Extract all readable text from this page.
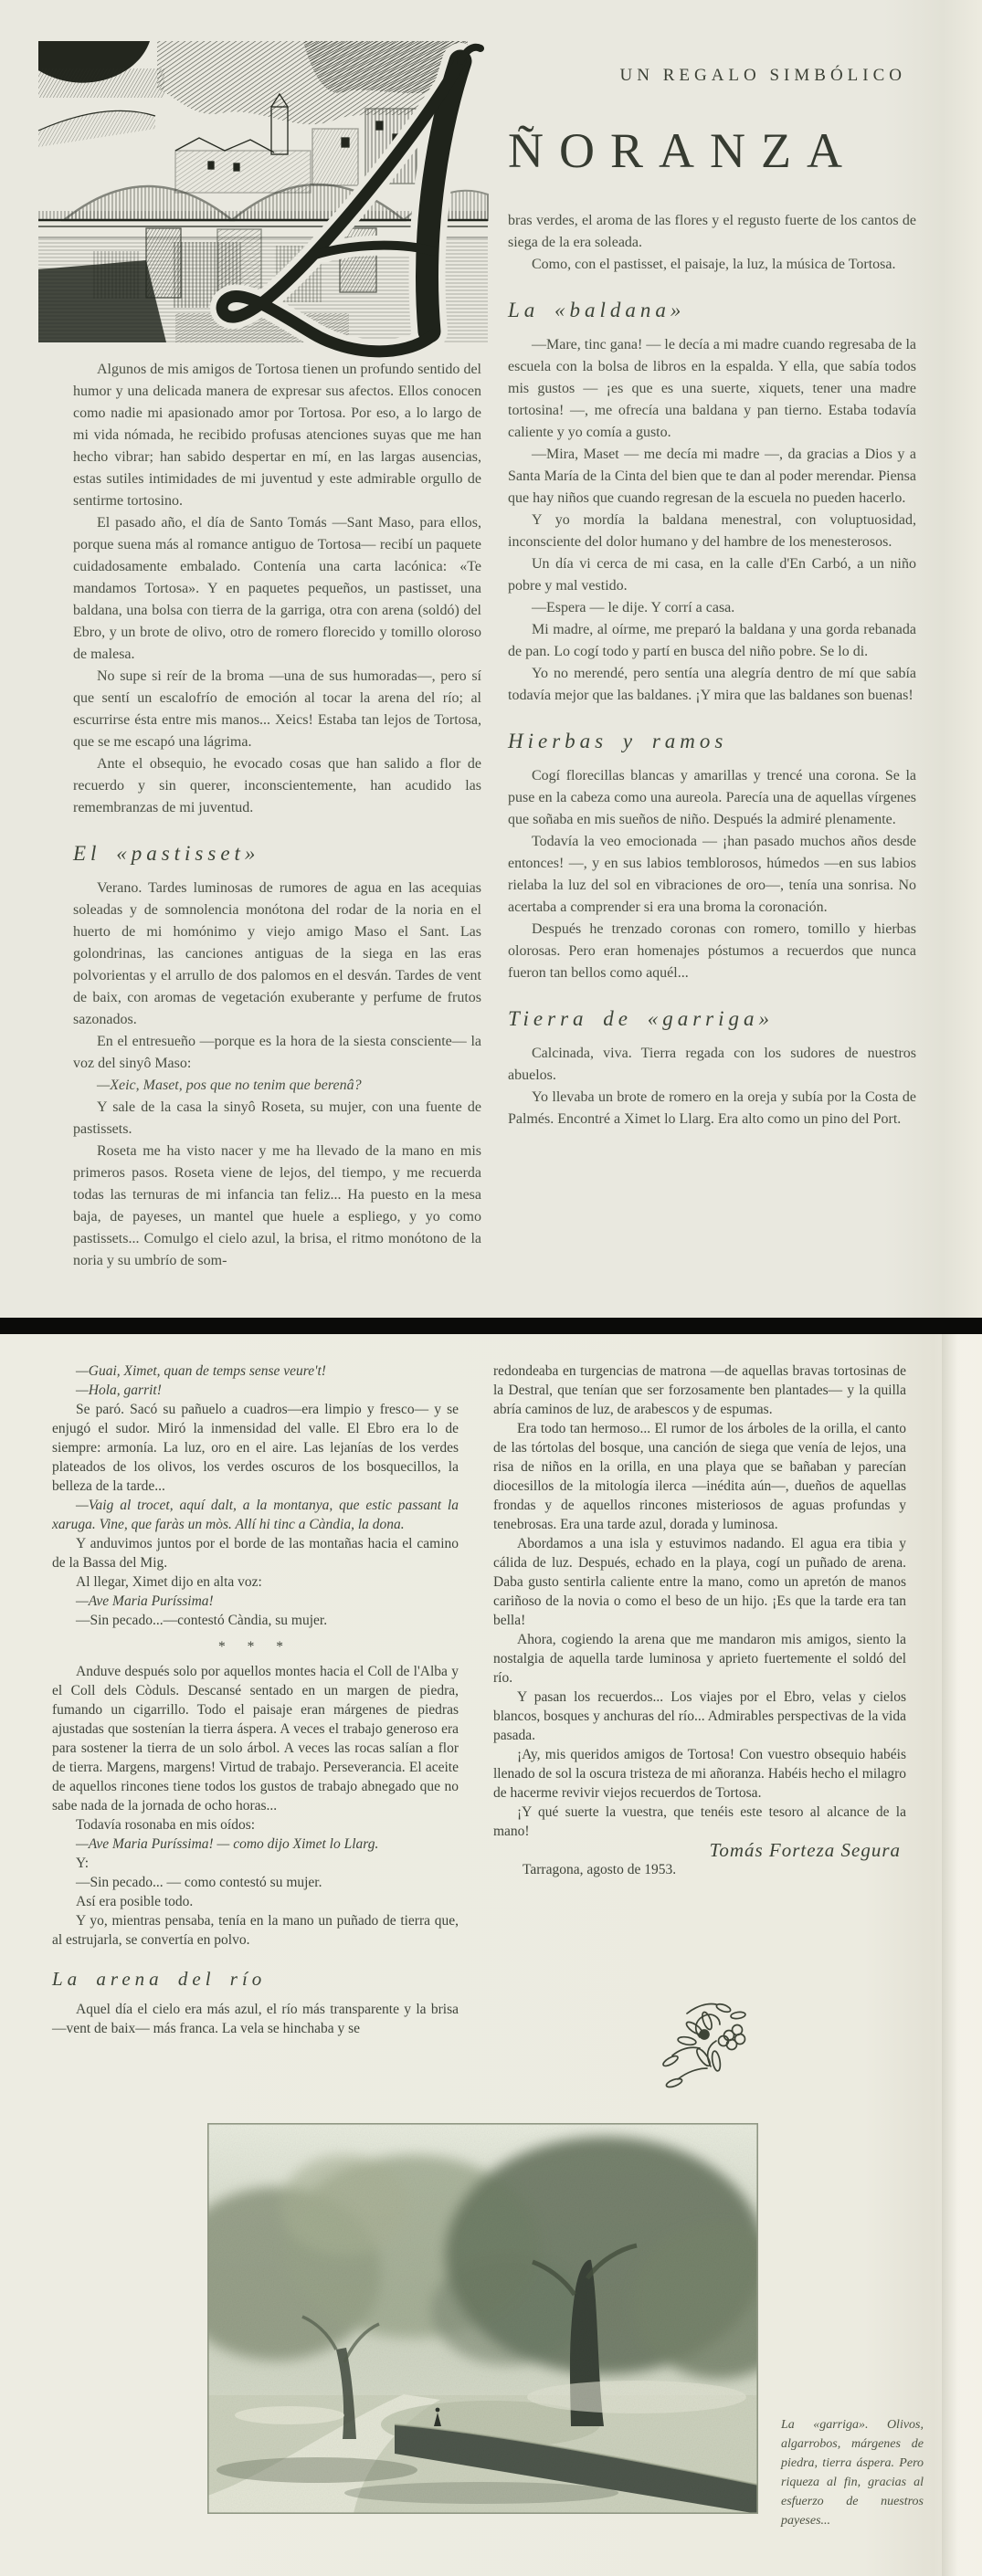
UN REGALO SIMBÓLICO
ÑORANZA

Algunos de mis amigos de Tortosa tienen un profundo sentido del humor y una delicada manera de expresar sus afectos. Ellos conocen como nadie mi apasionado amor por Tortosa. Por eso, a lo largo de mi vida nómada, he recibido profusas atenciones suyas que me han hecho vibrar; han sabido despertar en mí, en las largas ausencias, estas sutiles intimidades de mi juventud y este admirable orgullo de sentirme tortosino.

El pasado año, el día de Santo Tomás —Sant Maso, para ellos, porque suena más al romance antiguo de Tortosa— recibí un paquete cuidadosamente embalado. Contenía una carta lacónica: «Te mandamos Tortosa». Y en paquetes pequeños, un pastisset, una baldana, una bolsa con tierra de la garriga, otra con arena (soldó) del Ebro, y un brote de olivo, otro de romero florecido y tomillo oloroso de malesa.

No supe si reír de la broma —una de sus humoradas—, pero sí que sentí un escalofrío de emoción al tocar la arena del río; al escurrirse ésta entre mis manos... Xeics! Estaba tan lejos de Tortosa, que se me escapó una lágrima.

Ante el obsequio, he evocado cosas que han salido a flor de recuerdo y sin querer, inconscientemente, han acudido las remembranzas de mi juventud.

El «pastisset»

Verano. Tardes luminosas de rumores de agua en las acequias soleadas y de somnolencia monótona del rodar de la noria en el huerto de mi homónimo y viejo amigo Maso el Sant. Las golondrinas, las canciones antiguas de la siega en las eras polvorientas y el arrullo de dos palomos en el desván. Tardes de vent de baix, con aromas de vegetación exuberante y perfume de frutos sazonados.

En el entresueño —porque es la hora de la siesta consciente— la voz del sinyô Maso:

—Xeic, Maset, pos que no tenim que berenâ?

Y sale de la casa la sinyô Roseta, su mujer, con una fuente de pastissets.

Roseta me ha visto nacer y me ha llevado de la mano en mis primeros pasos. Roseta viene de lejos, del tiempo, y me recuerda todas las ternuras de mi infancia tan feliz... Ha puesto en la mesa baja, de payeses, un mantel que huele a espliego, y yo como pastissets... Comulgo el cielo azul, la brisa, el ritmo monótono de la noria y su umbrío de som-

bras verdes, el aroma de las flores y el regusto fuerte de los cantos de siega de la era soleada.

Como, con el pastisset, el paisaje, la luz, la música de Tortosa.

La «baldana»

—Mare, tinc gana! — le decía a mi madre cuando regresaba de la escuela con la bolsa de libros en la espalda. Y ella, que sabía todos mis gustos — ¡es que es una suerte, xiquets, tener una madre tortosina! —, me ofrecía una baldana y pan tierno. Estaba todavía caliente y yo comía a gusto.

—Mira, Maset — me decía mi madre —, da gracias a Dios y a Santa María de la Cinta del bien que te dan al poder merendar. Piensa que hay niños que cuando regresan de la escuela no pueden hacerlo.

Y yo mordía la baldana menestral, con voluptuosidad, inconsciente del dolor humano y del hambre de los menesterosos.

Un día vi cerca de mi casa, en la calle d'En Carbó, a un niño pobre y mal vestido.

—Espera — le dije. Y corrí a casa.

Mi madre, al oírme, me preparó la baldana y una gorda rebanada de pan. Lo cogí todo y partí en busca del niño pobre. Se lo di.

Yo no merendé, pero sentía una alegría dentro de mí que sabía todavía mejor que las baldanes. ¡Y mira que las baldanes son buenas!

Hierbas y ramos

Cogí florecillas blancas y amarillas y trencé una corona. Se la puse en la cabeza como una aureola. Parecía una de aquellas vírgenes que soñaba en mis sueños de niño. Después la admiré plenamente.

Todavía la veo emocionada — ¡han pasado muchos años desde entonces! —, y en sus labios temblorosos, húmedos —en sus labios rielaba la luz del sol en vibraciones de oro—, tenía una sonrisa. No acertaba a comprender si era una broma la coronación.

Después he trenzado coronas con romero, tomillo y hierbas olorosas. Pero eran homenajes póstumos a recuerdos que nunca fueron tan bellos como aquél...

Tierra de «garriga»

Calcinada, viva. Tierra regada con los sudores de nuestros abuelos.

Yo llevaba un brote de romero en la oreja y subía por la Costa de Palmés. Encontré a Ximet lo Llarg. Era alto como un pino del Port.

—Guai, Ximet, quan de temps sense veure't!

—Hola, garrit!

Se paró. Sacó su pañuelo a cuadros—era limpio y fresco— y se enjugó el sudor. Miró la inmensidad del valle. El Ebro era lo de siempre: armonía. La luz, oro en el aire. Las lejanías de los verdes plateados de los olivos, los verdes oscuros de los bosquecillos, la belleza de la tarde...

—Vaig al trocet, aquí dalt, a la montanya, que estic passant la xaruga. Vine, que faràs un mòs. Allí hi tinc a Càndia, la dona.

Y anduvimos juntos por el borde de las montañas hacia el camino de la Bassa del Mig.

Al llegar, Ximet dijo en alta voz:

—Ave Maria Puríssima!

—Sin pecado...—contestó Càndia, su mujer.

* * *

Anduve después solo por aquellos montes hacia el Coll de l'Alba y el Coll dels Còduls. Descansé sentado en un margen de piedra, fumando un cigarrillo. Todo el paisaje eran márgenes de piedras ajustadas que sostenían la tierra áspera. A veces el trabajo generoso era para sostener la tierra de un solo árbol. A veces las rocas salían a flor de tierra. Margens, margens! Virtud de trabajo. Perseverancia. El aceite de aquellos rincones tiene todos los gustos de trabajo abnegado que no sabe nada de la jornada de ocho horas...

Todavía rosonaba en mis oídos:

—Ave Maria Puríssima! — como dijo Ximet lo Llarg.

Y:

—Sin pecado... — como contestó su mujer.

Así era posible todo.

Y yo, mientras pensaba, tenía en la mano un puñado de tierra que, al estrujarla, se convertía en polvo.

La arena del río

Aquel día el cielo era más azul, el río más transparente y la brisa —vent de baix— más franca. La vela se hinchaba y se

redondeaba en turgencias de matrona —de aquellas bravas tortosinas de la Destral, que tenían que ser forzosamente ben plantades— y la quilla abría caminos de luz, de arabescos y de espumas.

Era todo tan hermoso... El rumor de los árboles de la orilla, el canto de las tórtolas del bosque, una canción de siega que venía de lejos, una risa de niños en la orilla, en una playa que se bañaban y parecían diocesillos de la mitología ilerca —inédita aún—, dueños de aquellas frondas y de aquellos rincones misteriosos de aguas profundas y tenebrosas. Era una tarde azul, dorada y luminosa.

Abordamos a una isla y estuvimos nadando. El agua era tibia y cálida de luz. Después, echado en la playa, cogí un puñado de arena. Daba gusto sentirla caliente entre la mano, como un apretón de manos cariñoso de la novia o como el beso de un hijo. ¡Es que la tarde era tan bella!

Ahora, cogiendo la arena que me mandaron mis amigos, siento la nostalgia de aquella tarde luminosa y aprieto fuertemente el soldó del río.

Y pasan los recuerdos... Los viajes por el Ebro, velas y cielos blancos, bosques y anchuras del río... Admirables perspectivas de la vida pasada.

¡Ay, mis queridos amigos de Tortosa! Con vuestro obsequio habéis llenado de sol la oscura tristeza de mi añoranza. Habéis hecho el milagro de hacerme revivir viejos recuerdos de Tortosa.

¡Y qué suerte la vuestra, que tenéis este tesoro al alcance de la mano!

Tomás Forteza Segura

Tarragona, agosto de 1953.

La «garriga». Olivos, algarrobos, márgenes de piedra, tierra áspera. Pero riqueza al fin, gracias al esfuerzo de nuestros payeses...
